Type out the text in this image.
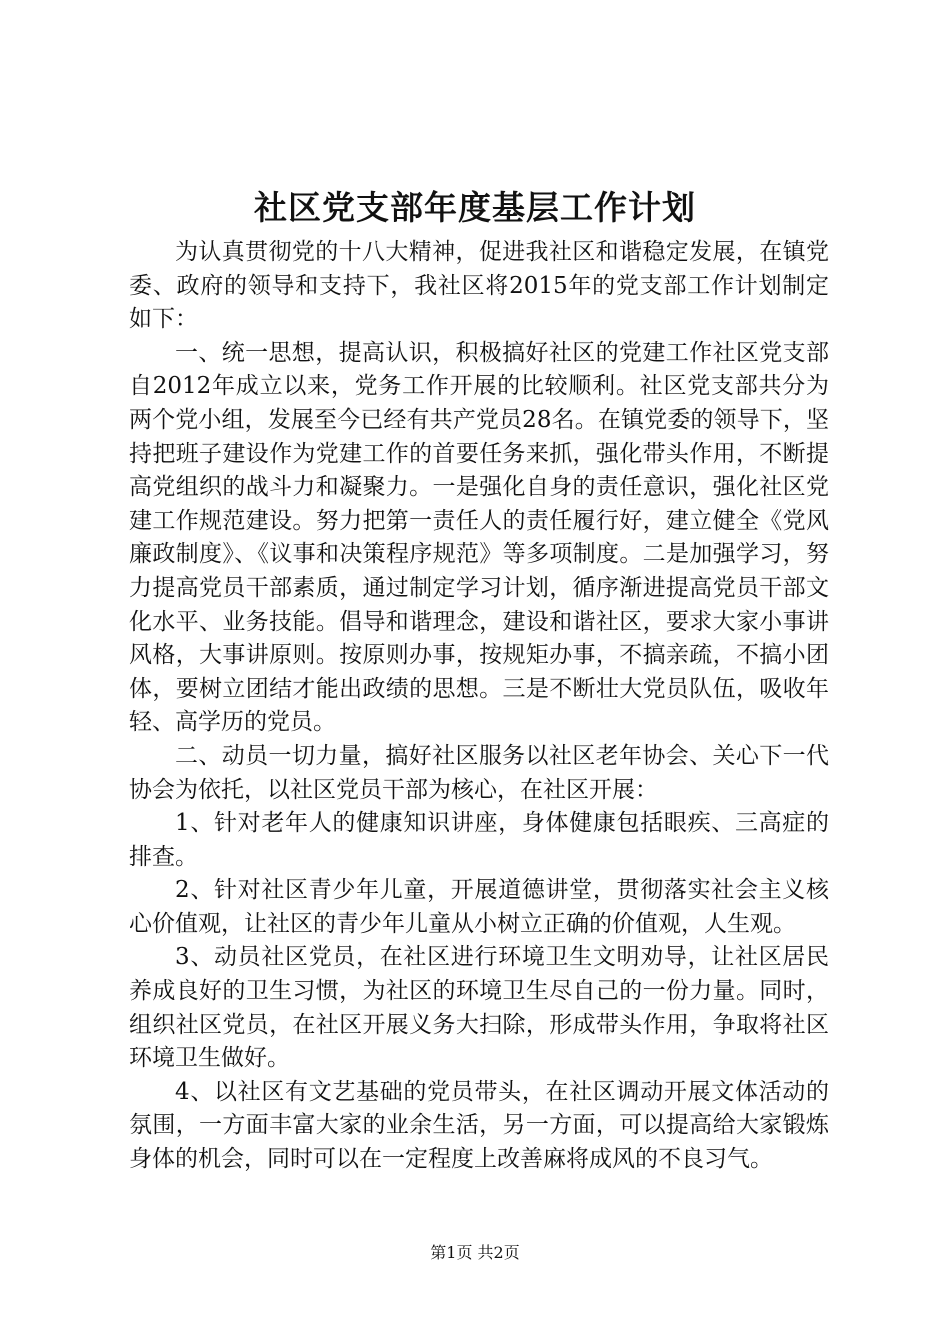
社区党支部年度基层工作计划

为认真贯彻党的十八大精神，促进我社区和谐稳定发展，在镇党委、政府的领导和支持下，我社区将2015年的党支部工作计划制定如下：

一、统一思想，提高认识，积极搞好社区的党建工作社区党支部自2012年成立以来，党务工作开展的比较顺利。社区党支部共分为两个党小组，发展至今已经有共产党员28名。在镇党委的领导下，坚持把班子建设作为党建工作的首要任务来抓，强化带头作用，不断提高党组织的战斗力和凝聚力。一是强化自身的责任意识，强化社区党建工作规范建设。努力把第一责任人的责任履行好，建立健全《党风廉政制度》、《议事和决策程序规范》等多项制度。二是加强学习，努力提高党员干部素质，通过制定学习计划，循序渐进提高党员干部文化水平、业务技能。倡导和谐理念，建设和谐社区，要求大家小事讲风格，大事讲原则。按原则办事，按规矩办事，不搞亲疏，不搞小团体，要树立团结才能出政绩的思想。三是不断壮大党员队伍，吸收年轻、高学历的党员。

二、动员一切力量，搞好社区服务以社区老年协会、关心下一代协会为依托，以社区党员干部为核心，在社区开展：

1、针对老年人的健康知识讲座，身体健康包括眼疾、三高症的排查。

2、针对社区青少年儿童，开展道德讲堂，贯彻落实社会主义核心价值观，让社区的青少年儿童从小树立正确的价值观，人生观。

3、动员社区党员，在社区进行环境卫生文明劝导，让社区居民养成良好的卫生习惯，为社区的环境卫生尽自己的一份力量。同时，组织社区党员，在社区开展义务大扫除，形成带头作用，争取将社区环境卫生做好。

4、以社区有文艺基础的党员带头，在社区调动开展文体活动的氛围，一方面丰富大家的业余生活，另一方面，可以提高给大家锻炼身体的机会，同时可以在一定程度上改善麻将成风的不良习气。

第1页 共2页
